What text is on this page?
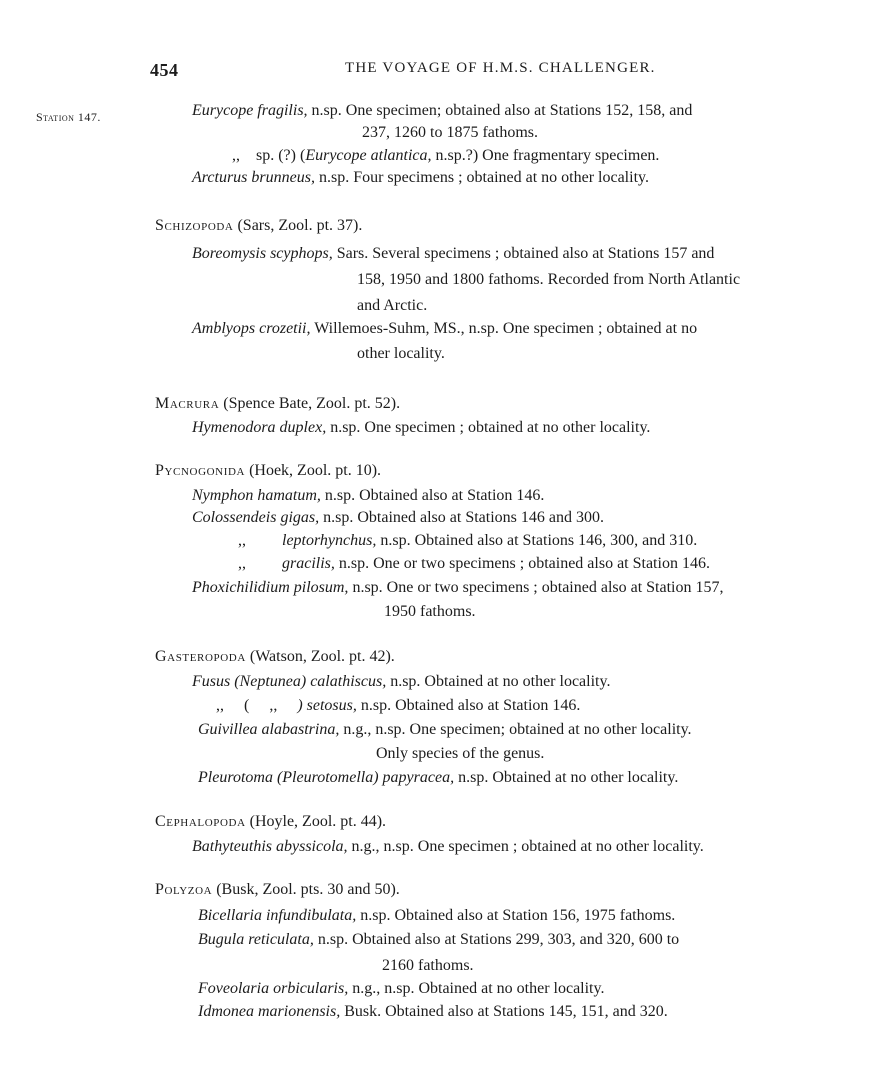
454	THE VOYAGE OF H.M.S. CHALLENGER.
Station 147.	Eurycope fragilis, n.sp. One specimen; obtained also at Stations 152, 158, and
237, 1260 to 1875 fathoms.
,, sp. (?) (Eurycope atlantica, n.sp.?) One fragmentary specimen.
Arcturus brunneus, n.sp. Four specimens ; obtained at no other locality.
Schizopoda (Sars, Zool. pt. 37).
Boreomysis scyphops, Sars. Several specimens ; obtained also at Stations 157 and
158, 1950 and 1800 fathoms. Recorded from North Atlantic
and Arctic.
Amblyops crozetii, Willemoes-Suhm, MS., n.sp. One specimen ; obtained at no
other locality.
Macrura (Spence Bate, Zool. pt. 52).
Hymenodora duplex, n.sp. One specimen ; obtained at no other locality.
Pycnogonida (Hoek, Zool. pt. 10).
Nymphon hamatum, n.sp. Obtained also at Station 146.
Colossendeis gigas, n.sp. Obtained also at Stations 146 and 300.
,, leptorhynchus, n.sp. Obtained also at Stations 146, 300, and 310.
,, gracilis, n.sp. One or two specimens ; obtained also at Station 146.
Phoxichilidium pilosum, n.sp. One or two specimens ; obtained also at Station 157,
1950 fathoms.
Gasteropoda (Watson, Zool. pt. 42).
Fusus (Neptunea) calathiscus, n.sp. Obtained at no other locality.
,, ( ,, ) setosus, n.sp. Obtained also at Station 146.
Guivillea alabastrina, n.g., n.sp. One specimen; obtained at no other locality.
Only species of the genus.
Pleurotoma (Pleurotomella) papyracea, n.sp. Obtained at no other locality.
Cephalopoda (Hoyle, Zool. pt. 44).
Bathyteuthis abyssicola, n.g., n.sp. One specimen ; obtained at no other locality.
Polyzoa (Busk, Zool. pts. 30 and 50).
Bicellaria infundibulata, n.sp. Obtained also at Station 156, 1975 fathoms.
Bugula reticulata, n.sp. Obtained also at Stations 299, 303, and 320, 600 to
2160 fathoms.
Foveolaria orbicularis, n.g., n.sp. Obtained at no other locality.
Idmonea marionensis, Busk. Obtained also at Stations 145, 151, and 320.
